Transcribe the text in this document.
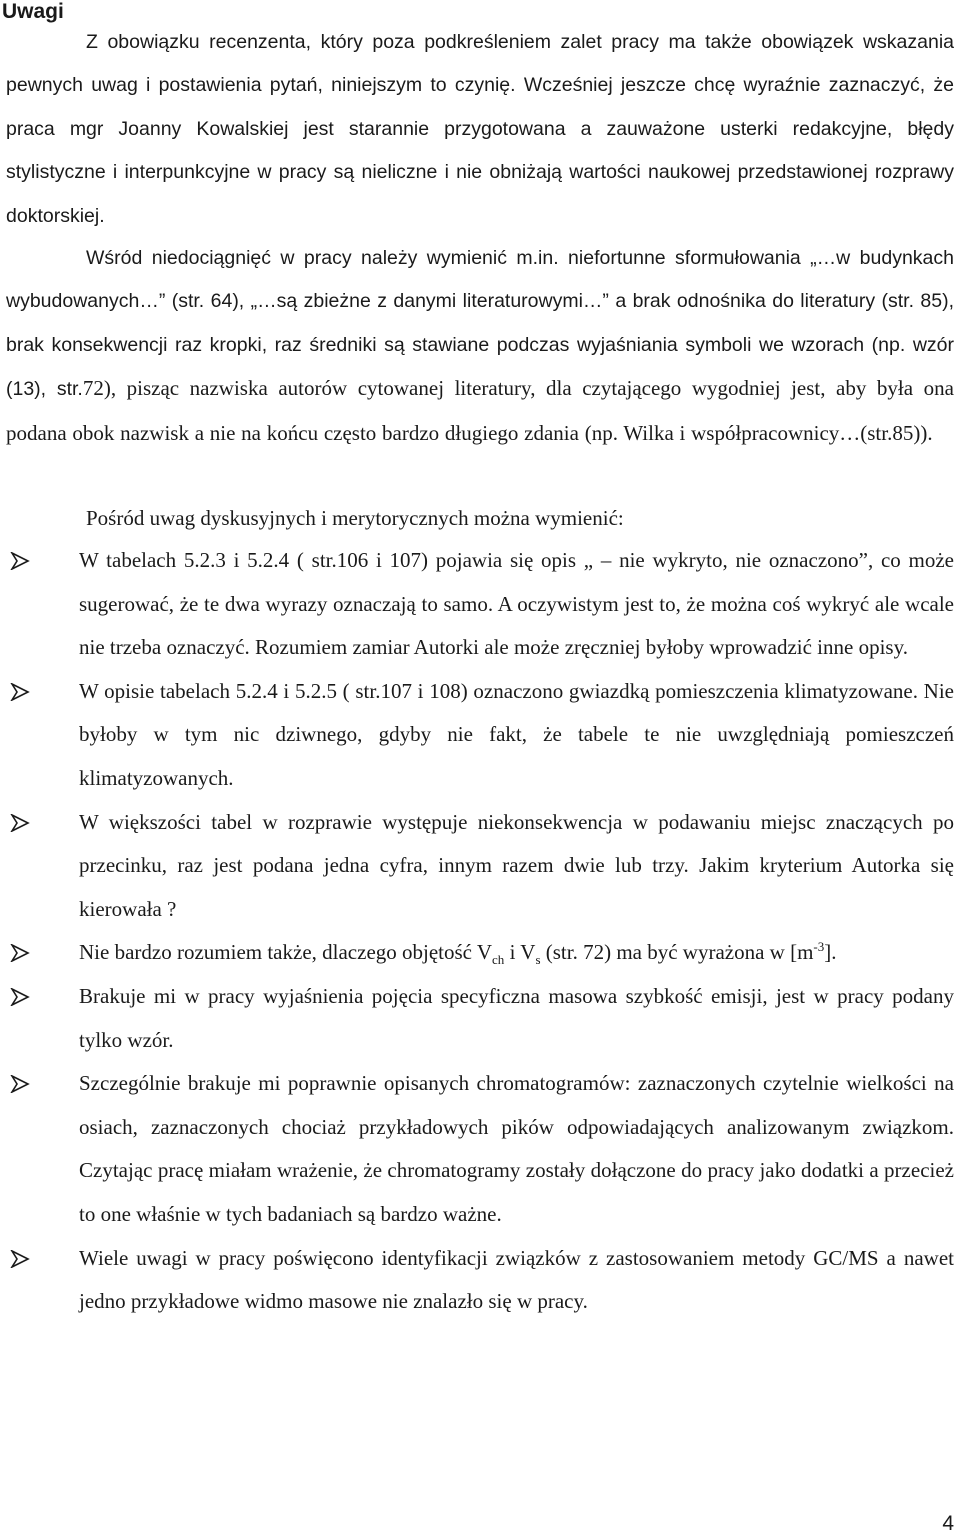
Uwagi
Z obowiązku recenzenta, który poza podkreśleniem zalet pracy ma także obowiązek wskazania pewnych uwag i postawienia pytań, niniejszym to czynię. Wcześniej jeszcze chcę wyraźnie zaznaczyć, że praca mgr Joanny Kowalskiej jest starannie przygotowana a zauważone usterki redakcyjne, błędy stylistyczne i interpunkcyjne w pracy są nieliczne i nie obniżają wartości naukowej przedstawionej rozprawy doktorskiej.
Wśród niedociągnięć w pracy należy wymienić m.in. niefortunne sformułowania „…w budynkach wybudowanych…” (str. 64), „…są zbieżne z danymi literaturowymi…” a brak odnośnika do literatury (str. 85), brak konsekwencji raz kropki, raz średniki są stawiane podczas wyjaśniania symboli we wzorach (np. wzór (13), str.72), pisząc nazwiska autorów cytowanej literatury, dla czytającego wygodniej jest, aby była ona podana obok nazwisk a nie na końcu często bardzo długiego zdania (np. Wilka i współpracownicy…(str.85)).
Pośród uwag dyskusyjnych i merytorycznych można wymienić:
W tabelach 5.2.3 i 5.2.4 ( str.106 i 107) pojawia się opis „ – nie wykryto, nie oznaczono”, co może sugerować, że te dwa wyrazy oznaczają to samo. A oczywistym jest to, że można coś wykryć ale wcale nie trzeba oznaczyć. Rozumiem zamiar Autorki ale może zręczniej byłoby wprowadzić inne opisy.
W opisie tabelach 5.2.4 i 5.2.5 ( str.107 i 108) oznaczono gwiazdką pomieszczenia klimatyzowane. Nie byłoby w tym nic dziwnego, gdyby nie fakt, że tabele te nie uwzględniają pomieszczeń klimatyzowanych.
W większości tabel w rozprawie występuje niekonsekwencja w podawaniu miejsc znaczących po przecinku, raz jest podana jedna cyfra, innym razem dwie lub trzy. Jakim kryterium Autorka się kierowała ?
Nie bardzo rozumiem także, dlaczego objętość $V_{ch}$ i $V_s$ (str. 72) ma być wyrażona w $[m^{-3}]$.
Brakuje mi w pracy wyjaśnienia pojęcia specyficzna masowa szybkość emisji, jest w pracy podany tylko wzór.
Szczególnie brakuje mi poprawnie opisanych chromatogramów: zaznaczonych czytelnie wielkości na osiach, zaznaczonych chociaż przykładowych pików odpowiadających analizowanym związkom. Czytając pracę miałam wrażenie, że chromatogramy zostały dołączone do pracy jako dodatki a przecież to one właśnie w tych badaniach są bardzo ważne.
Wiele uwagi w pracy poświęcono identyfikacji związków z zastosowaniem metody GC/MS a nawet jedno przykładowe widmo masowe nie znalazło się w pracy.
4
